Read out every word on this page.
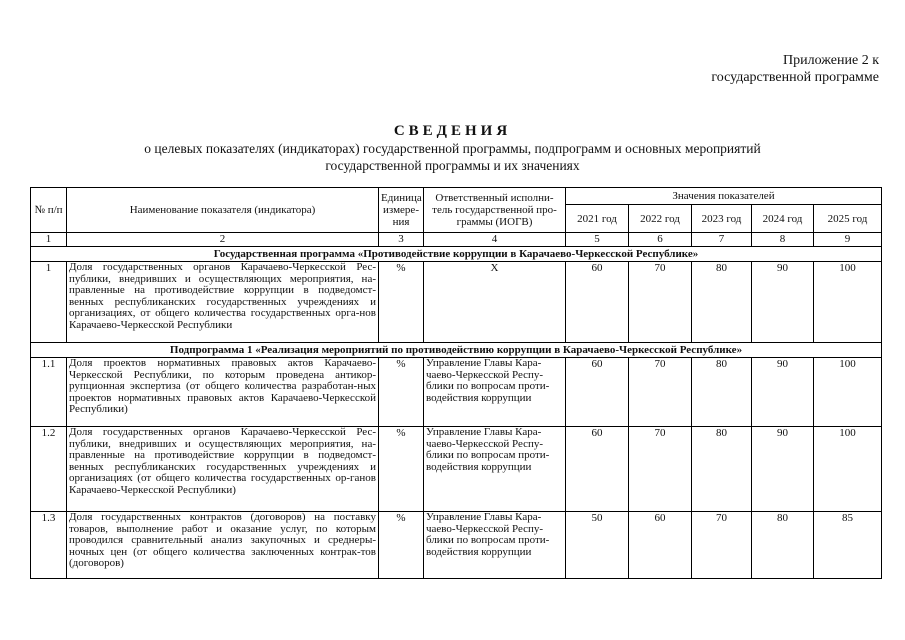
Приложение 2 к
государственной программе
СВЕДЕНИЯ
о целевых показателях (индикаторах) государственной программы, подпрограмм и основных мероприятий
государственной программы и их значениях
№ п/п	Наименование показателя (индикатора)	Единица измере-ния	Ответственный исполни-тель государственной про-граммы (ИОГВ)	Значения показателей				
				2021 год	2022 год	2023 год	2024 год	2025 год
1	2	3	4	5	6	7	8	9
Государственная программа «Противодействие коррупции в Карачаево-Черкесской Республике»								
1	Доля государственных органов Карачаево-Черкесской Рес-публики, внедривших и осуществляющих мероприятия, на-правленные на противодействие коррупции в подведомст-венных республиканских государственных учреждениях и организациях, от общего количества государственных орга-нов Карачаево-Черкесской Республики	%	Х	60	70	80	90	100
Подпрограмма 1 «Реализация мероприятий по противодействию коррупции в Карачаево-Черкесской Республике»								
1.1	Доля проектов нормативных правовых актов Карачаево-Черкесской Республики, по которым проведена антикор-рупционная экспертиза (от общего количества разработан-ных проектов нормативных правовых актов Карачаево-Черкесской Республики)	%	Управление Главы Кара-чаево-Черкесской Респу-блики по вопросам проти-водействия коррупции	60	70	80	90	100
1.2	Доля государственных органов Карачаево-Черкесской Рес-публики, внедривших и осуществляющих мероприятия, на-правленные на противодействие коррупции в подведомст-венных республиканских государственных учреждениях и организациях (от общего количества государственных ор-ганов Карачаево-Черкесской Республики)	%	Управление Главы Кара-чаево-Черкесской Респу-блики по вопросам проти-водействия коррупции	60	70	80	90	100
1.3	Доля государственных контрактов (договоров) на поставку товаров, выполнение работ и оказание услуг, по которым проводился сравнительный анализ закупочных и среднеры-ночных цен (от общего количества заключенных контрак-тов (договоров)	%	Управление Главы Кара-чаево-Черкесской Респу-блики по вопросам проти-водействия коррупции	50	60	70	80	85
